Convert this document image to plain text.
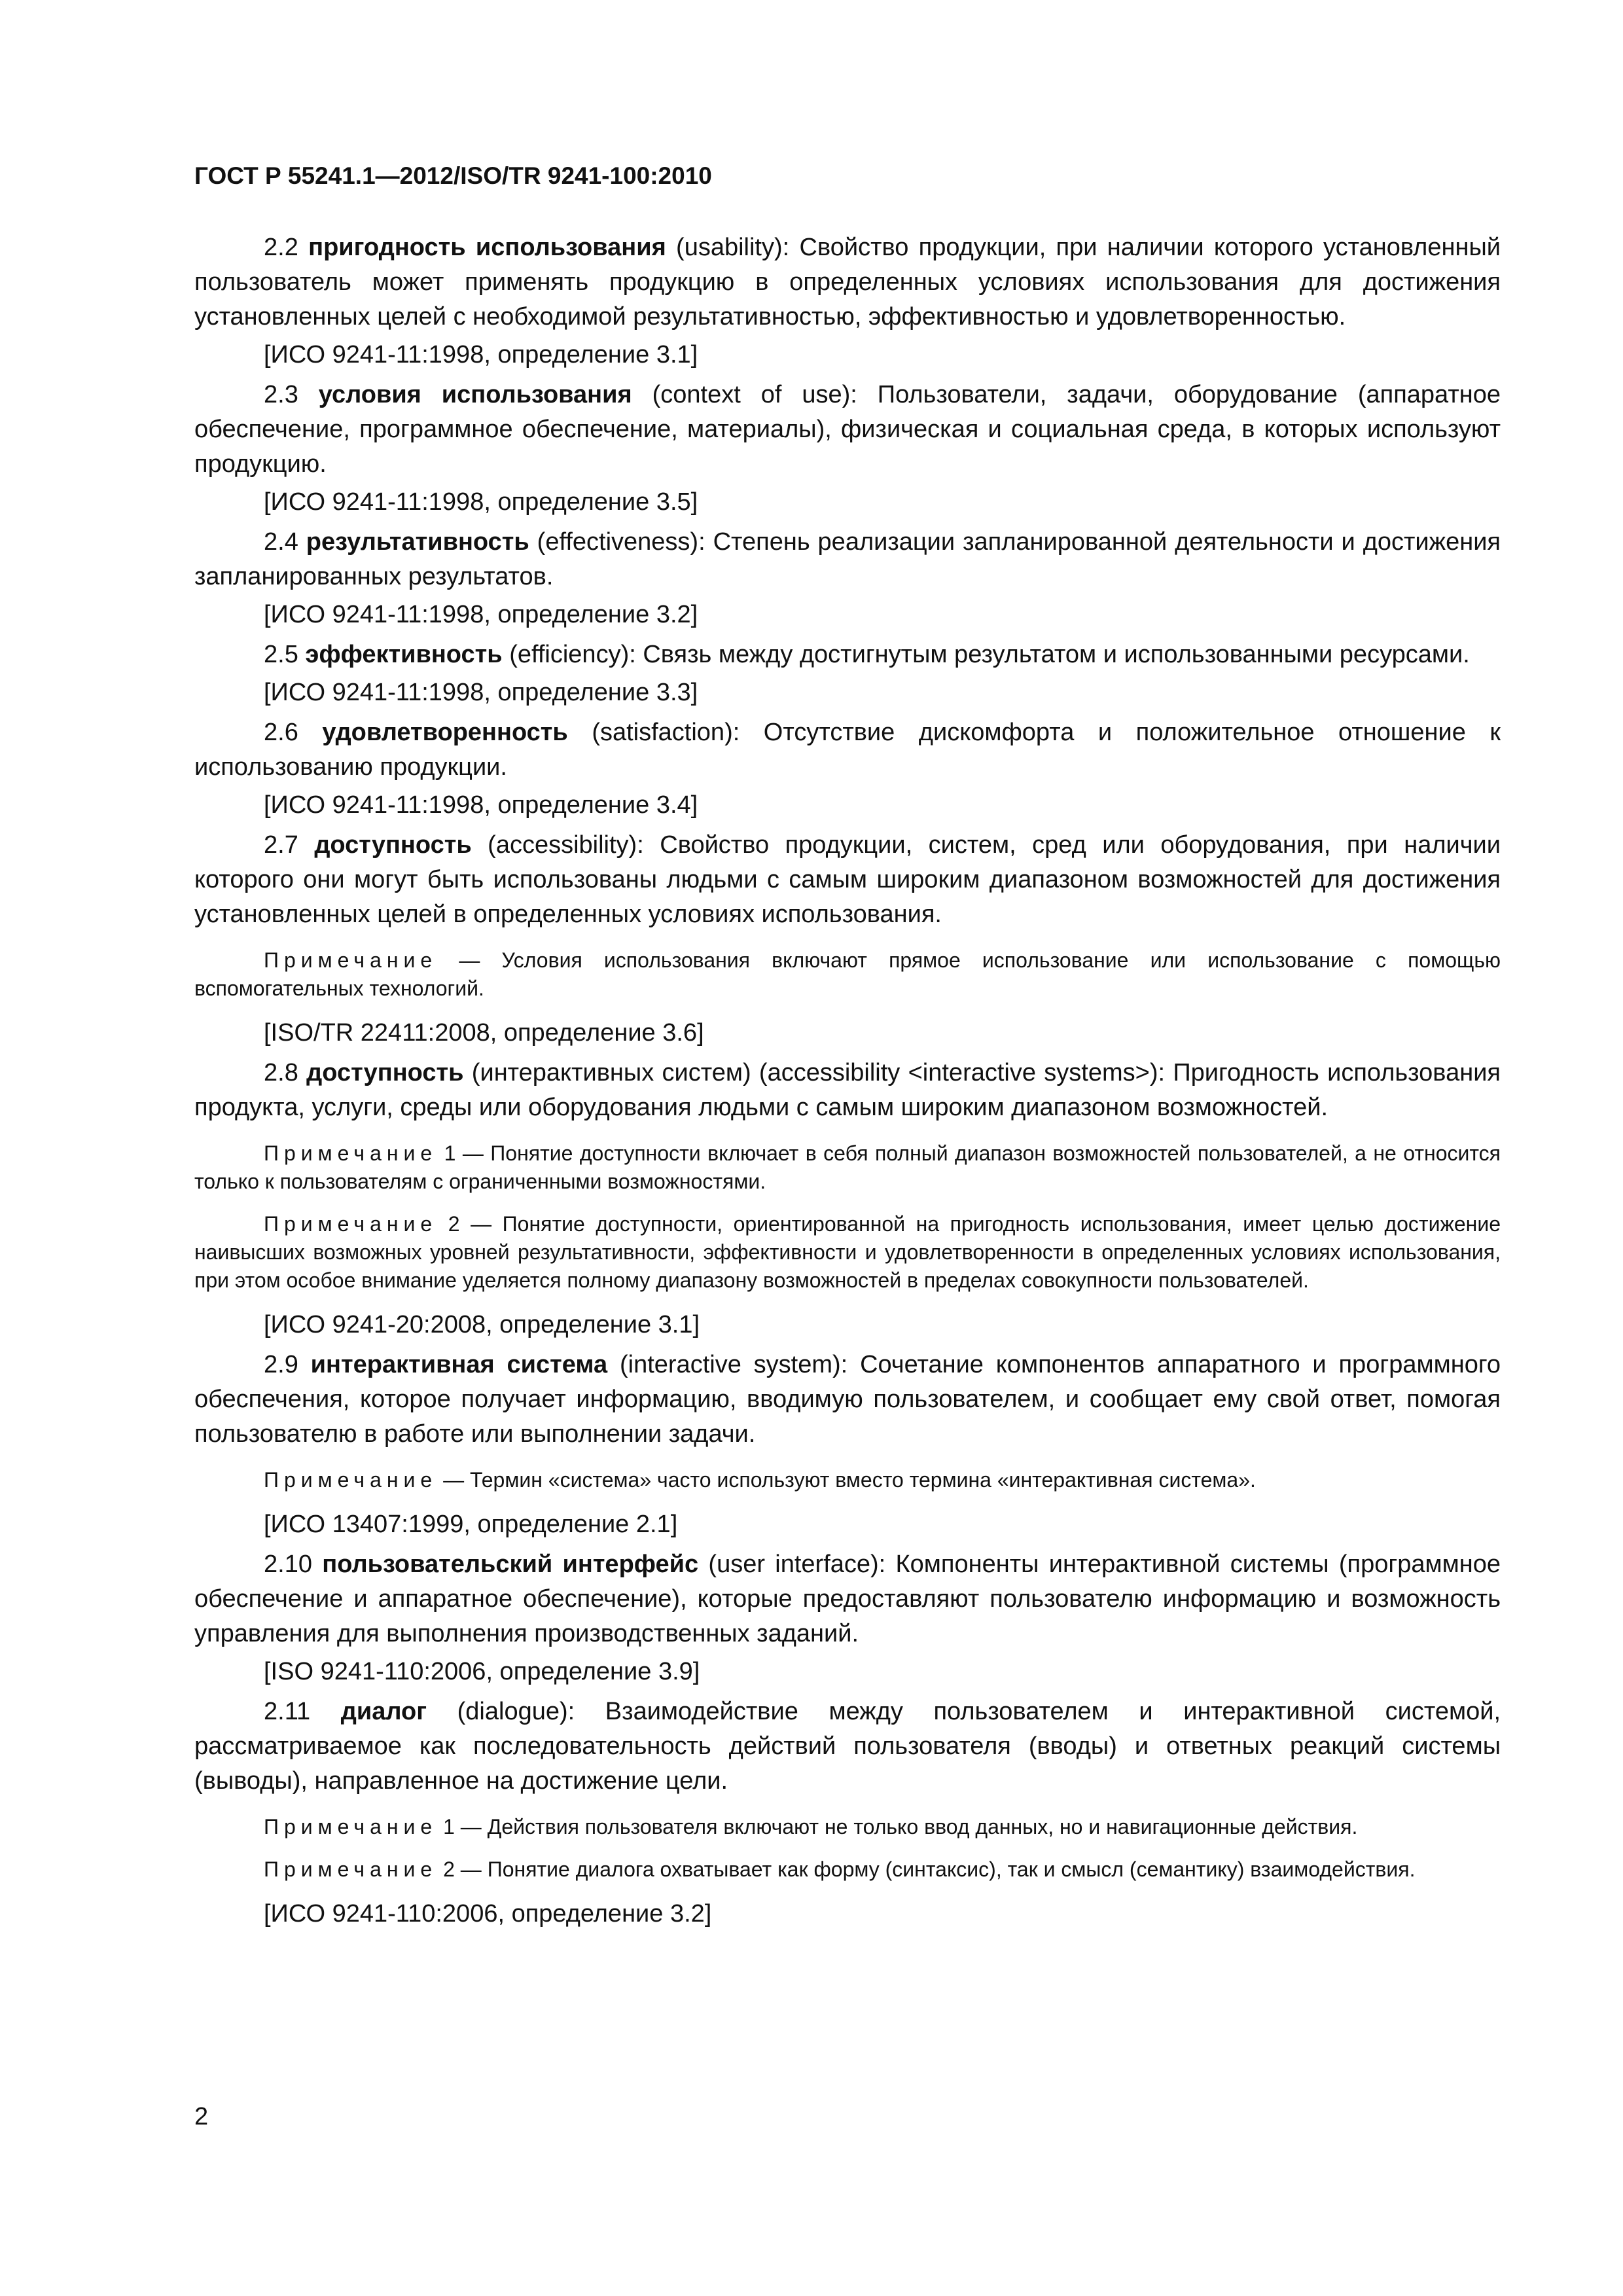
ГОСТ Р 55241.1—2012/ISO/TR 9241-100:2010

2.2 пригодность использования (usability): Свойство продукции, при наличии которого установленный пользователь может применять продукцию в определенных условиях использования для достижения установленных целей с необходимой результативностью, эффективностью и удовлетворенностью.

[ИСО 9241-11:1998, определение 3.1]

2.3 условия использования (context of use): Пользователи, задачи, оборудование (аппаратное обеспечение, программное обеспечение, материалы), физическая и социальная среда, в которых используют продукцию.

[ИСО 9241-11:1998, определение 3.5]

2.4 результативность (effectiveness): Степень реализации запланированной деятельности и достижения запланированных результатов.

[ИСО 9241-11:1998, определение 3.2]

2.5 эффективность (efficiency): Связь между достигнутым результатом и использованными ресурсами.

[ИСО 9241-11:1998, определение 3.3]

2.6 удовлетворенность (satisfaction): Отсутствие дискомфорта и положительное отношение к использованию продукции.

[ИСО 9241-11:1998, определение 3.4]

2.7 доступность (accessibility): Свойство продукции, систем, сред или оборудования, при наличии которого они могут быть использованы людьми с самым широким диапазоном возможностей для достижения установленных целей в определенных условиях использования.

Примечание — Условия использования включают прямое использование или использование с помощью вспомогательных технологий.

[ISO/TR 22411:2008, определение 3.6]

2.8 доступность (интерактивных систем) (accessibility <interactive systems>): Пригодность использования продукта, услуги, среды или оборудования людьми с самым широким диапазоном возможностей.

Примечание 1 — Понятие доступности включает в себя полный диапазон возможностей пользователей, а не относится только к пользователям с ограниченными возможностями.

Примечание 2 — Понятие доступности, ориентированной на пригодность использования, имеет целью достижение наивысших возможных уровней результативности, эффективности и удовлетворенности в определенных условиях использования, при этом особое внимание уделяется полному диапазону возможностей в пределах совокупности пользователей.

[ИСО 9241-20:2008, определение 3.1]

2.9 интерактивная система (interactive system): Сочетание компонентов аппаратного и программного обеспечения, которое получает информацию, вводимую пользователем, и сообщает ему свой ответ, помогая пользователю в работе или выполнении задачи.

Примечание — Термин «система» часто используют вместо термина «интерактивная система».

[ИСО 13407:1999, определение 2.1]

2.10 пользовательский интерфейс (user interface): Компоненты интерактивной системы (программное обеспечение и аппаратное обеспечение), которые предоставляют пользователю информацию и возможность управления для выполнения производственных заданий.

[ISO 9241-110:2006, определение 3.9]

2.11 диалог (dialogue): Взаимодействие между пользователем и интерактивной системой, рассматриваемое как последовательность действий пользователя (вводы) и ответных реакций системы (выводы), направленное на достижение цели.

Примечание 1 — Действия пользователя включают не только ввод данных, но и навигационные действия.

Примечание 2 — Понятие диалога охватывает как форму (синтаксис), так и смысл (семантику) взаимодействия.

[ИСО 9241-110:2006, определение 3.2]

2
